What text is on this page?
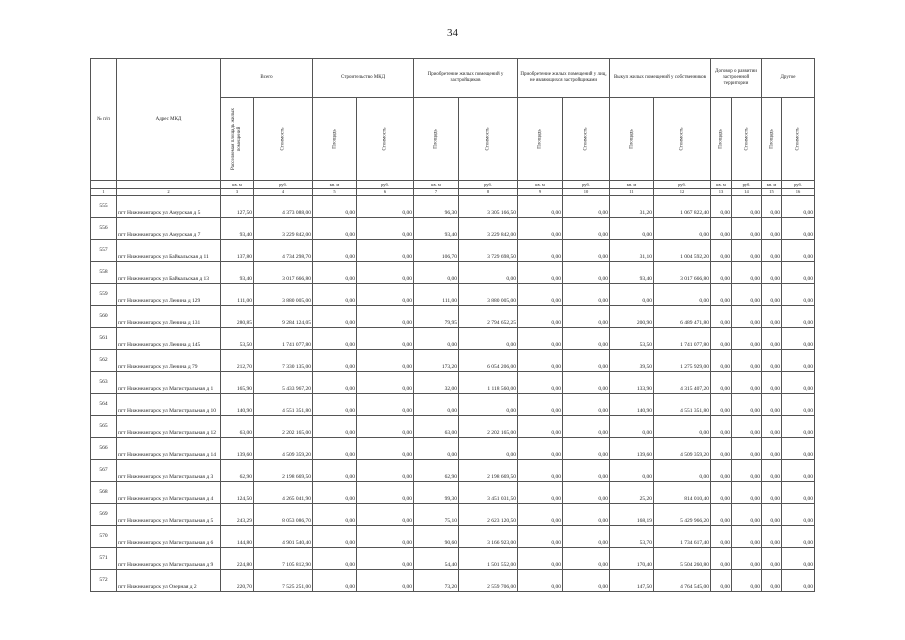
34
№ п/п	Адрес МКД	Всего		Строительство МКД		Приобретение жилых помещений у застройщиков		Приобретение жилых помещений у лиц, не являющихся застройщиками		Выкуп жилых помещений у собственников		Договор о развитии застроенной территории		Другое	

		Расселяемая площадь жилых помещений	Стоимость	Площадь	Стоимость	Площадь	Стоимость	Площадь	Стоимость	Площадь	Стоимость	Площадь	Стоимость	Площадь	Стоимость

		кв. м	руб.	кв. м	руб.	кв. м	руб.	кв. м	руб.	кв. м	руб.	кв. м	руб.	кв. м	руб.
1	2	3	4	5	6	7	8	9	10	11	12	13	14	15	16
555	пгт Нижнеангарск ул Амурская д 5	127,50	4 373 088,00	0,00	0,00	96,30	3 305 166,50	0,00	0,00	31,20	1 067 822,40	0,00	0,00	0,00	0,00
556	пгт Нижнеангарск ул Амурская д 7	93,40	3 229 842,00	0,00	0,00	93,40	3 229 842,00	0,00	0,00	0,00	0,00	0,00	0,00	0,00	0,00
557	пгт Нижнеангарск ул Байкальская д 11	137,80	4 734 298,70	0,00	0,00	106,70	3 729 698,50	0,00	0,00	31,10	1 004 592,20	0,00	0,00	0,00	0,00
558	пгт Нижнеангарск ул Байкальская д 13	93,40	3 017 666,80	0,00	0,00	0,00	0,00	0,00	0,00	93,40	3 017 666,80	0,00	0,00	0,00	0,00
559	пгт Нижнеангарск ул Ленина д 129	111,00	3 880 005,00	0,00	0,00	111,00	3 880 005,00	0,00	0,00	0,00	0,00	0,00	0,00	0,00	0,00
560	пгт Нижнеангарск ул Ленина д 131	280,85	9 284 124,05	0,00	0,00	79,95	2 794 652,25	0,00	0,00	200,90	6 489 471,80	0,00	0,00	0,00	0,00
561	пгт Нижнеангарск ул Ленина д 145	53,50	1 741 077,80	0,00	0,00	0,00	0,00	0,00	0,00	53,50	1 741 077,80	0,00	0,00	0,00	0,00
562	пгт Нижнеангарск ул Ленина д 79	212,70	7 330 135,00	0,00	0,00	173,20	6 054 206,00	0,00	0,00	39,50	1 275 929,00	0,00	0,00	0,00	0,00
563	пгт Нижнеангарск ул Магистральная д 1	165,90	5 433 967,20	0,00	0,00	32,00	1 118 560,00	0,00	0,00	133,90	4 315 407,20	0,00	0,00	0,00	0,00
564	пгт Нижнеангарск ул Магистральная д 10	140,90	4 551 351,80	0,00	0,00	0,00	0,00	0,00	0,00	140,90	4 551 351,80	0,00	0,00	0,00	0,00
565	пгт Нижнеангарск ул Магистральная д 12	63,00	2 202 165,00	0,00	0,00	63,00	2 202 165,00	0,00	0,00	0,00	0,00	0,00	0,00	0,00	0,00
566	пгт Нижнеангарск ул Магистральная д 14	139,60	4 509 359,20	0,00	0,00	0,00	0,00	0,00	0,00	139,60	4 509 359,20	0,00	0,00	0,00	0,00
567	пгт Нижнеангарск ул Магистральная д 3	62,90	2 198 669,50	0,00	0,00	62,90	2 198 669,50	0,00	0,00	0,00	0,00	0,00	0,00	0,00	0,00
568	пгт Нижнеангарск ул Магистральная д 4	124,50	4 265 041,90	0,00	0,00	99,30	3 451 031,50	0,00	0,00	25,20	814 010,40	0,00	0,00	0,00	0,00
569	пгт Нижнеангарск ул Магистральная д 5	243,29	8 053 086,70	0,00	0,00	75,10	2 623 120,50	0,00	0,00	168,19	5 429 966,20	0,00	0,00	0,00	0,00
570	пгт Нижнеангарск ул Магистральная д 6	144,80	4 901 540,40	0,00	0,00	90,60	3 166 923,00	0,00	0,00	53,70	1 734 617,40	0,00	0,00	0,00	0,00
571	пгт Нижнеангарск ул Магистральная д 9	224,80	7 105 812,90	0,00	0,00	54,40	1 501 552,00	0,00	0,00	170,40	5 504 260,80	0,00	0,00	0,00	0,00
572	пгт Нижнеангарск ул Озерная д 2	220,70	7 525 251,00	0,00	0,00	73,20	2 559 706,00	0,00	0,00	147,50	4 764 545,00	0,00	0,00	0,00	0,00
